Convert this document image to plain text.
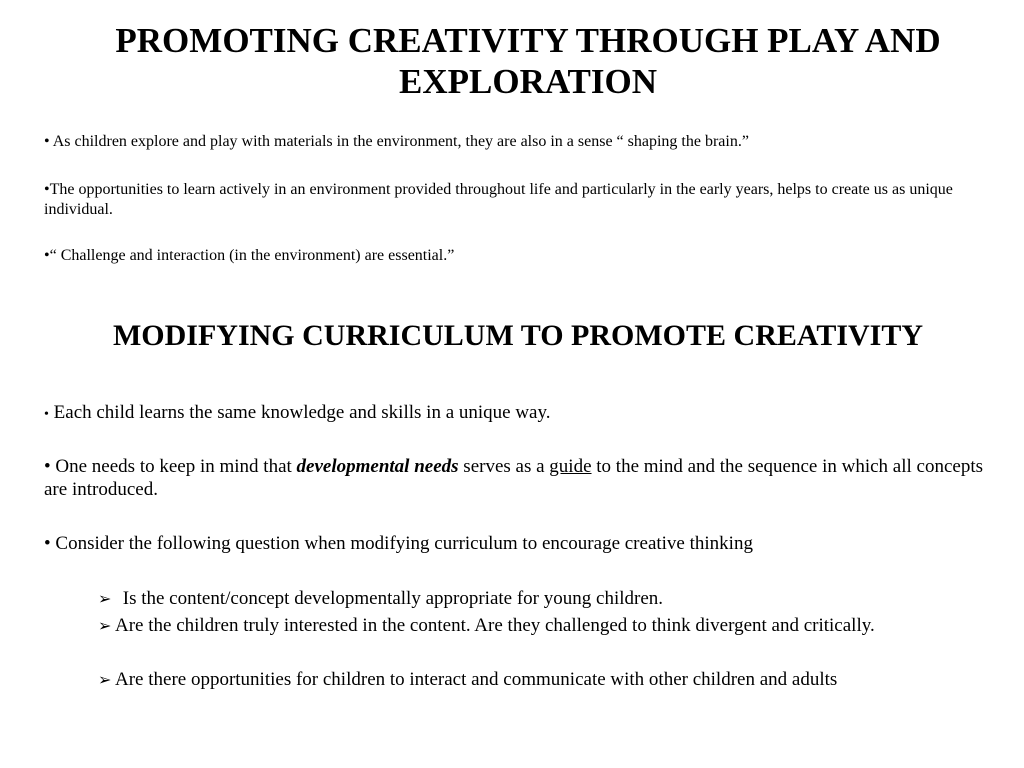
PROMOTING CREATIVITY THROUGH PLAY AND EXPLORATION

• As children explore and play with materials in the environment, they are also in a sense “ shaping the brain.”

•The opportunities to learn actively in an environment provided throughout life and particularly in the early years, helps to create us as unique individual.

•“ Challenge and interaction (in the environment) are essential.”

MODIFYING CURRICULUM TO PROMOTE CREATIVITY

• Each child learns the same knowledge and skills in a unique way.

• One needs to keep in mind that developmental needs serves as a guide to the mind and the sequence in which all concepts are introduced.

• Consider the following question when modifying curriculum to encourage creative thinking

➢ Is the content/concept developmentally appropriate for young children.

➢ Are the children truly interested in the content. Are they challenged to think divergent and critically.

➢ Are there opportunities for children to interact and communicate with other children and adults
